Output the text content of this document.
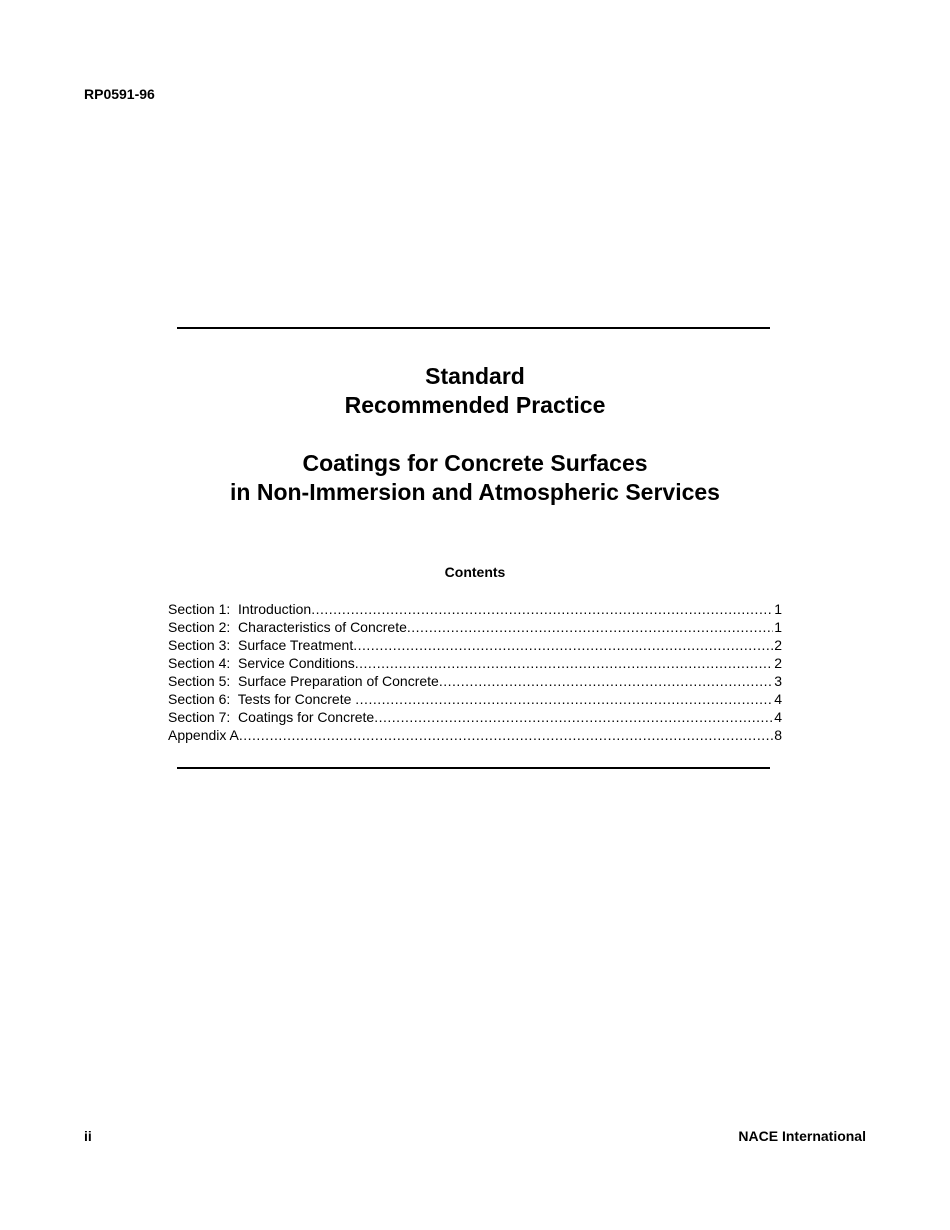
RP0591-96
Standard
Recommended Practice
Coatings for Concrete Surfaces
in Non-Immersion and Atmospheric Services
Contents
Section 1:  Introduction .....	1
Section 2:  Characteristics of Concrete .....	1
Section 3:  Surface Treatment .....	2
Section 4:  Service Conditions .....	2
Section 5:  Surface Preparation of Concrete .....	3
Section 6:  Tests for Concrete .....	4
Section 7:  Coatings for Concrete .....	4
Appendix A .....	8
ii	NACE International
